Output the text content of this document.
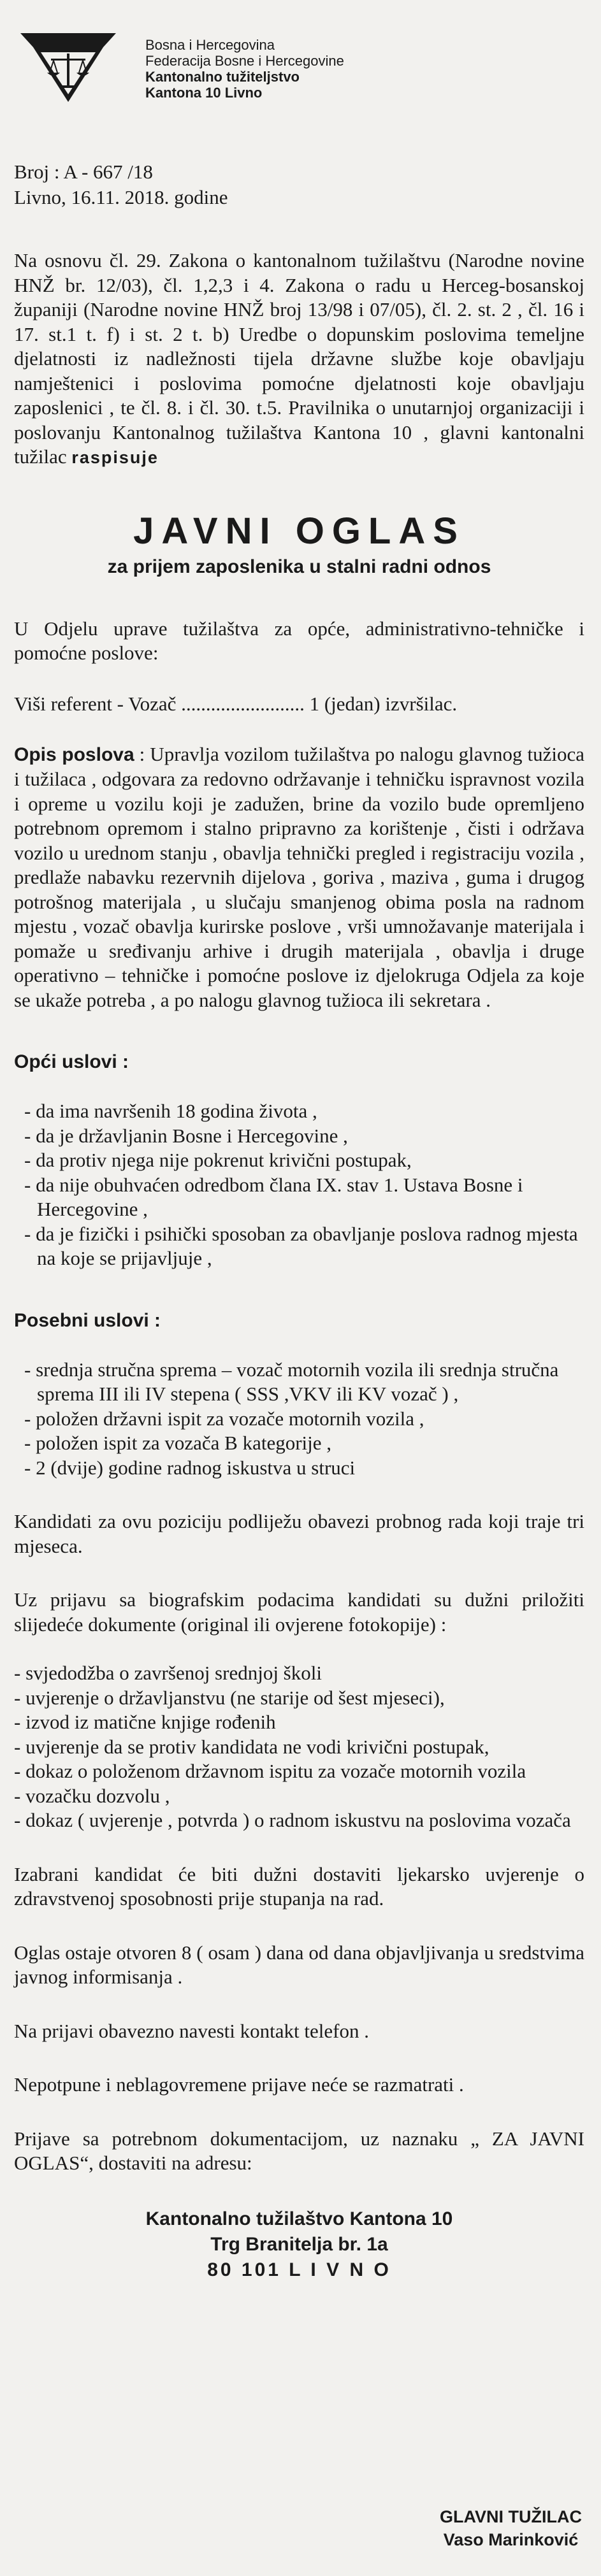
Bosna i Hercegovina
Federacija Bosne i Hercegovine
Kantonalno tužiteljstvo
Kantona 10 Livno
Broj : A - 667 /18
Livno, 16.11. 2018. godine

Na osnovu čl. 29. Zakona o kantonalnom tužilaštvu (Narodne novine HNŽ br. 12/03), čl. 1,2,3 i 4. Zakona o radu u Herceg-bosanskoj županiji (Narodne novine HNŽ broj 13/98 i 07/05), čl. 2. st. 2 , čl. 16 i 17. st.1 t. f) i st. 2 t. b) Uredbe o dopunskim poslovima temeljne djelatnosti iz nadležnosti tijela državne službe koje obavljaju namještenici i poslovima pomoćne djelatnosti koje obavljaju zaposlenici , te čl. 8. i čl. 30. t.5. Pravilnika o unutarnjoj organizaciji i poslovanju Kantonalnog tužilaštva Kantona 10 , glavni kantonalni tužilac raspisuje

JAVNI OGLAS
za prijem zaposlenika u stalni radni odnos

U Odjelu uprave tužilaštva za opće, administrativno-tehničke i pomoćne poslove:

Viši referent - Vozač ......................... 1 (jedan) izvršilac.

Opis poslova : Upravlja vozilom tužilaštva po nalogu glavnog tužioca i tužilaca , odgovara za redovno održavanje i tehničku ispravnost vozila i opreme u vozilu koji je zadužen, brine da vozilo bude opremljeno potrebnom opremom i stalno pripravno za korištenje , čisti i održava vozilo u urednom stanju , obavlja tehnički pregled i registraciju vozila , predlaže nabavku rezervnih dijelova , goriva , maziva , guma i drugog potrošnog materijala , u slučaju smanjenog obima posla na radnom mjestu , vozač obavlja kurirske poslove , vrši umnožavanje materijala i pomaže u sređivanju arhive i drugih materijala , obavlja i druge operativno – tehničke i pomoćne poslove iz djelokruga Odjela za koje se ukaže potreba , a po nalogu glavnog tužioca ili sekretara .

Opći uslovi :
- da ima navršenih 18 godina života ,
- da je državljanin Bosne i Hercegovine ,
- da protiv njega nije pokrenut krivični postupak,
- da nije obuhvaćen odredbom člana IX. stav 1. Ustava Bosne i Hercegovine ,
- da je fizički i psihički sposoban za obavljanje poslova radnog mjesta na koje se prijavljuje ,
Posebni uslovi :
- srednja stručna sprema – vozač motornih vozila ili srednja stručna sprema III ili IV stepena ( SSS ,VKV ili KV vozač ) ,
- položen državni ispit za vozače motornih vozila ,
- položen ispit za vozača B kategorije ,
- 2 (dvije) godine radnog iskustva u struci

Kandidati za ovu poziciju podliježu obavezi probnog rada koji traje tri mjeseca.

Uz prijavu sa biografskim podacima kandidati su dužni priložiti slijedeće dokumente (original ili ovjerene fotokopije) :

- svjedodžba o završenoj srednjoj školi
- uvjerenje o državljanstvu (ne starije od šest mjeseci),
- izvod iz matične knjige rođenih
- uvjerenje da se protiv kandidata ne vodi krivični postupak,
- dokaz o položenom državnom ispitu za vozače motornih vozila
- vozačku dozvolu ,
- dokaz ( uvjerenje , potvrda ) o radnom iskustvu na poslovima vozača

Izabrani kandidat će biti dužni dostaviti ljekarsko uvjerenje o zdravstvenoj sposobnosti prije stupanja na rad.

Oglas ostaje otvoren 8 ( osam ) dana od dana objavljivanja u sredstvima javnog informisanja .

Na prijavi obavezno navesti kontakt telefon .

Nepotpune i neblagovremene prijave neće se razmatrati .

Prijave sa potrebnom dokumentacijom, uz naznaku „ ZA JAVNI OGLAS“, dostaviti na adresu:

Kantonalno tužilaštvo Kantona 10
Trg Branitelja br. 1a
80 101 L I V N O
GLAVNI TUŽILAC
Vaso Marinković
